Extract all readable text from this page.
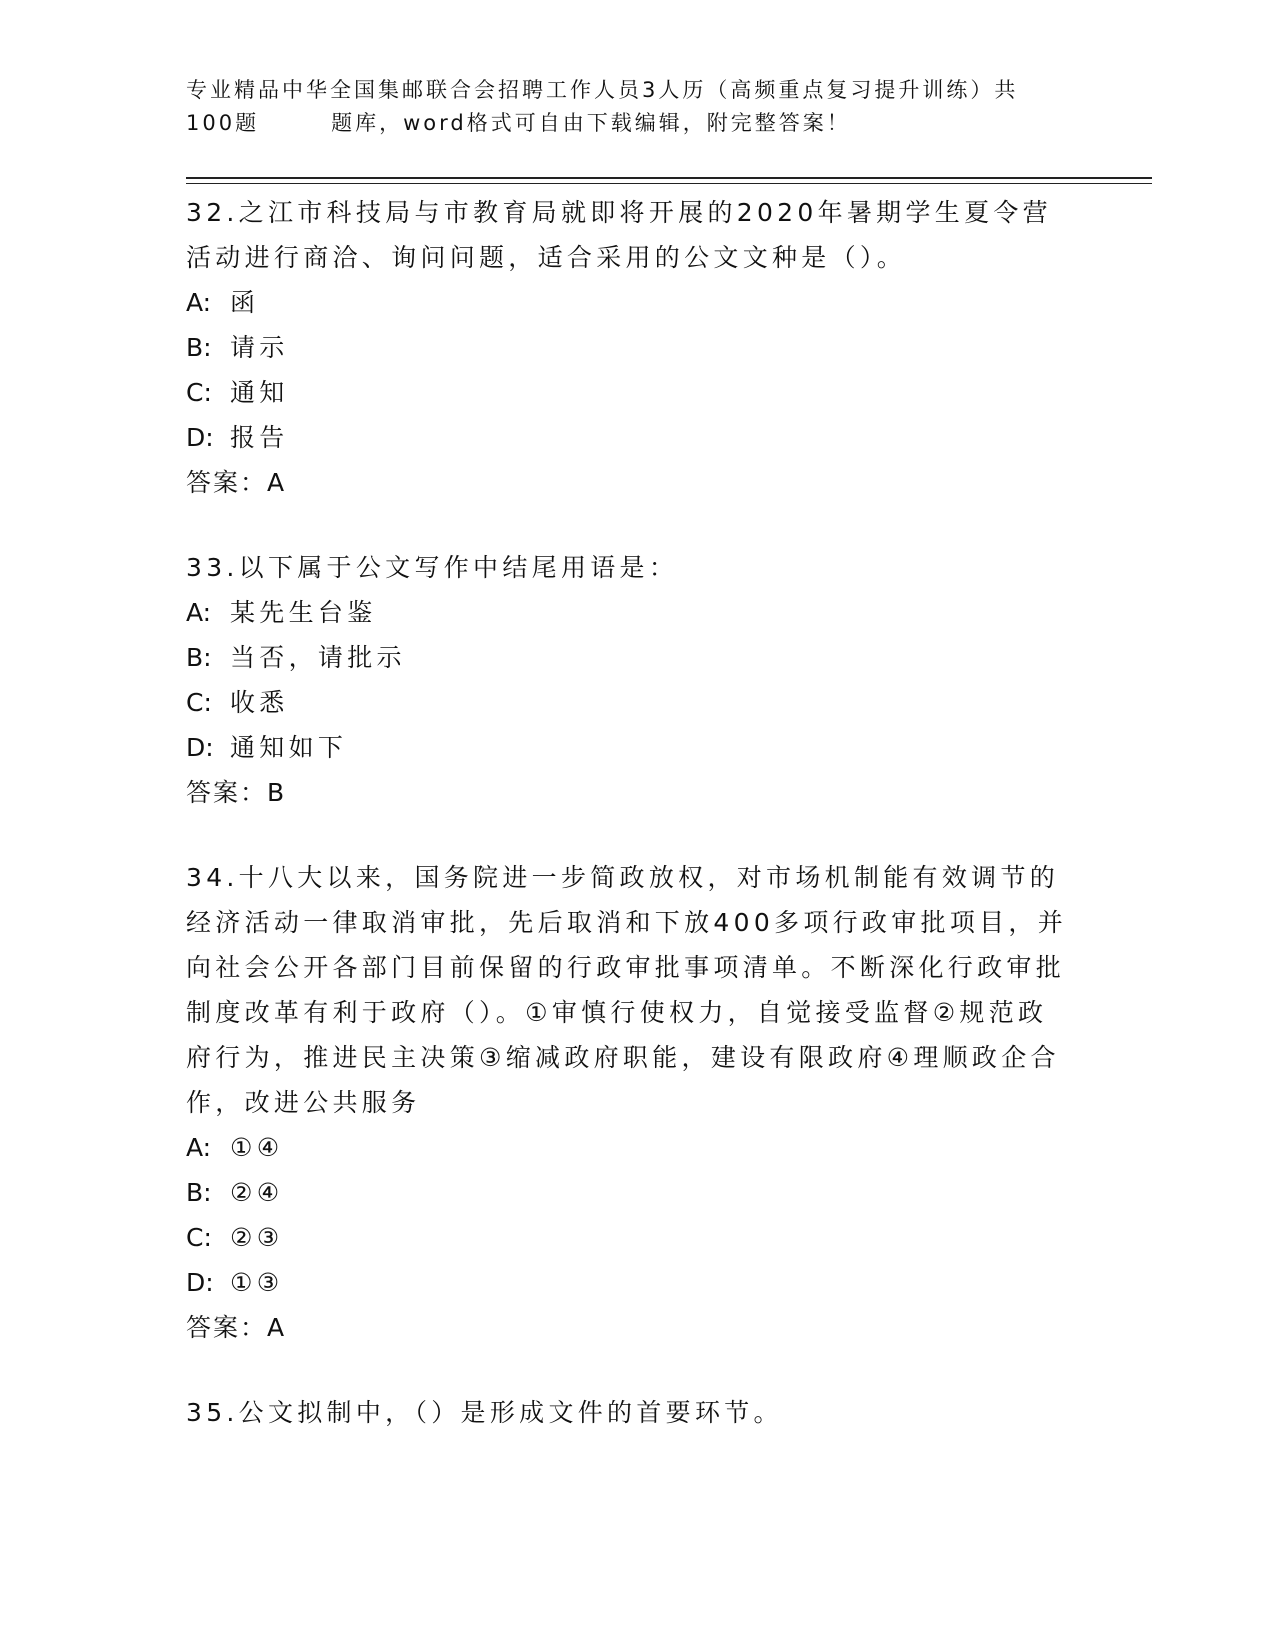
专业精品中华全国集邮联合会招聘工作人员3人历（高频重点复习提升训练）共
100题	题库，word格式可自由下载编辑，附完整答案！
32.之江市科技局与市教育局就即将开展的2020年暑期学生夏令营活动进行商洽、询问问题，适合采用的公文文种是（）。
A: 函
B: 请示
C: 通知
D: 报告
答案：A
33.以下属于公文写作中结尾用语是：
A: 某先生台鉴
B: 当否，请批示
C: 收悉
D: 通知如下
答案：B
34.十八大以来，国务院进一步简政放权，对市场机制能有效调节的经济活动一律取消审批，先后取消和下放400多项行政审批项目，并向社会公开各部门目前保留的行政审批事项清单。不断深化行政审批制度改革有利于政府（）。①审慎行使权力，自觉接受监督②规范政府行为，推进民主决策③缩减政府职能，建设有限政府④理顺政企合作，改进公共服务
A: ①④
B: ②④
C: ②③
D: ①③
答案：A
35.公文拟制中，（）是形成文件的首要环节。
